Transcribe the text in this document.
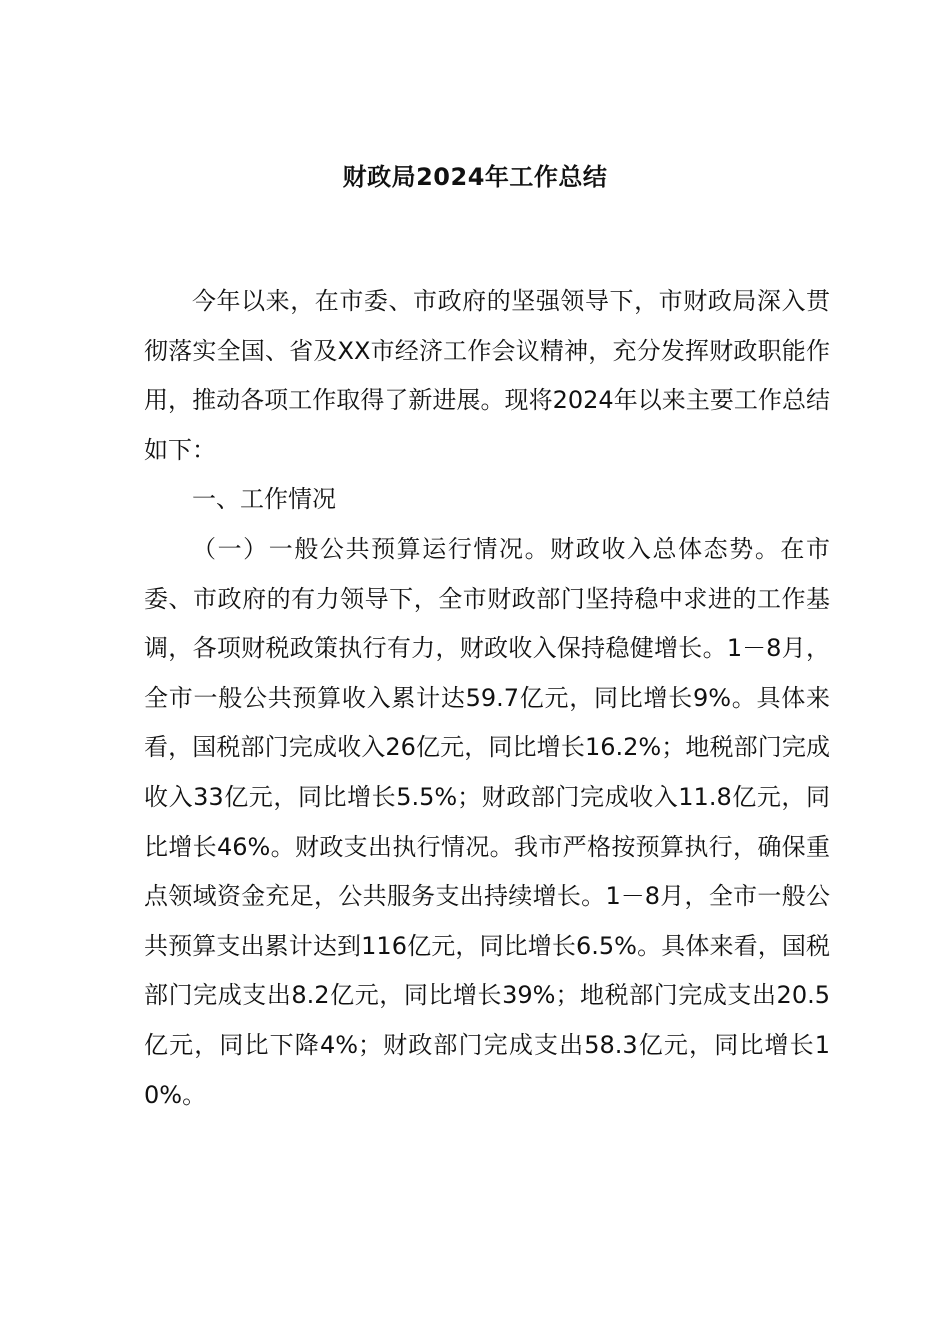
财政局2024年工作总结

今年以来，在市委、市政府的坚强领导下，市财政局深入贯彻落实全国、省及XX市经济工作会议精神，充分发挥财政职能作用，推动各项工作取得了新进展。现将2024年以来主要工作总结如下：

一、工作情况

（一）一般公共预算运行情况。财政收入总体态势。在市委、市政府的有力领导下，全市财政部门坚持稳中求进的工作基调，各项财税政策执行有力，财政收入保持稳健增长。1－8月，全市一般公共预算收入累计达59.7亿元，同比增长9%。具体来看，国税部门完成收入26亿元，同比增长16.2%；地税部门完成收入33亿元，同比增长5.5%；财政部门完成收入11.8亿元，同比增长46%。财政支出执行情况。我市严格按预算执行，确保重点领域资金充足，公共服务支出持续增长。1－8月，全市一般公共预算支出累计达到116亿元，同比增长6.5%。具体来看，国税部门完成支出8.2亿元，同比增长39%；地税部门完成支出20.5亿元，同比下降4%；财政部门完成支出58.3亿元，同比增长10%。
